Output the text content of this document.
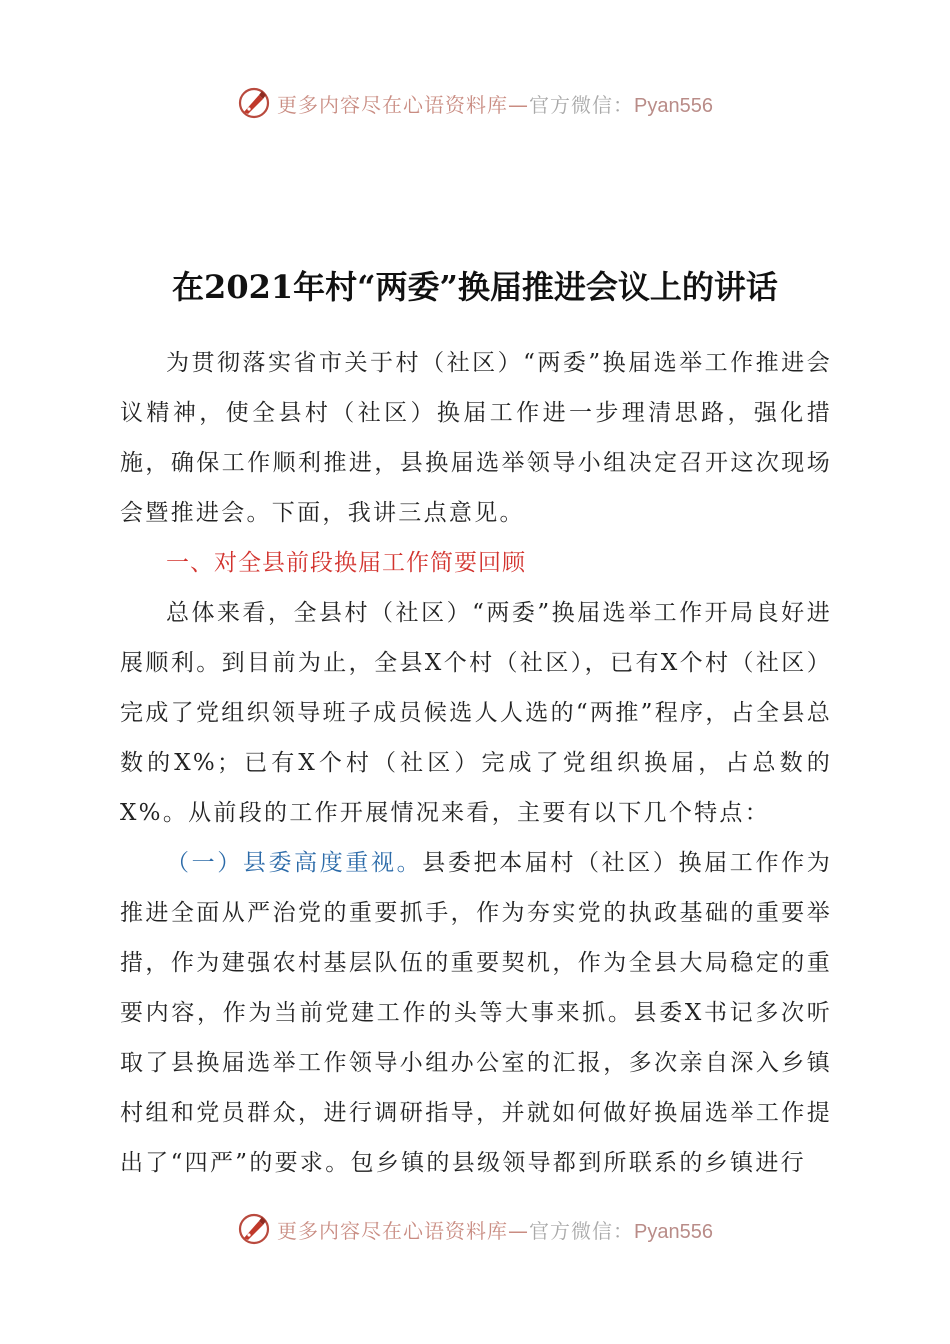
更多内容尽在心语资料库—官方微信：Pyan556
在2021年村“两委”换届推进会议上的讲话

为贯彻落实省市关于村（社区）“两委”换届选举工作推进会议精神，使全县村（社区）换届工作进一步理清思路，强化措施，确保工作顺利推进，县换届选举领导小组决定召开这次现场会暨推进会。下面，我讲三点意见。

一、对全县前段换届工作简要回顾

总体来看，全县村（社区）“两委”换届选举工作开局良好进展顺利。到目前为止，全县X个村（社区），已有X个村（社区）完成了党组织领导班子成员候选人人选的“两推”程序，占全县总数的X%；已有X个村（社区）完成了党组织换届，占总数的X%。从前段的工作开展情况来看，主要有以下几个特点：

（一）县委高度重视。县委把本届村（社区）换届工作作为推进全面从严治党的重要抓手，作为夯实党的执政基础的重要举措，作为建强农村基层队伍的重要契机，作为全县大局稳定的重要内容，作为当前党建工作的头等大事来抓。县委X书记多次听取了县换届选举工作领导小组办公室的汇报，多次亲自深入乡镇村组和党员群众，进行调研指导，并就如何做好换届选举工作提出了“四严”的要求。包乡镇的县级领导都到所联系的乡镇进行

更多内容尽在心语资料库—官方微信：Pyan556
